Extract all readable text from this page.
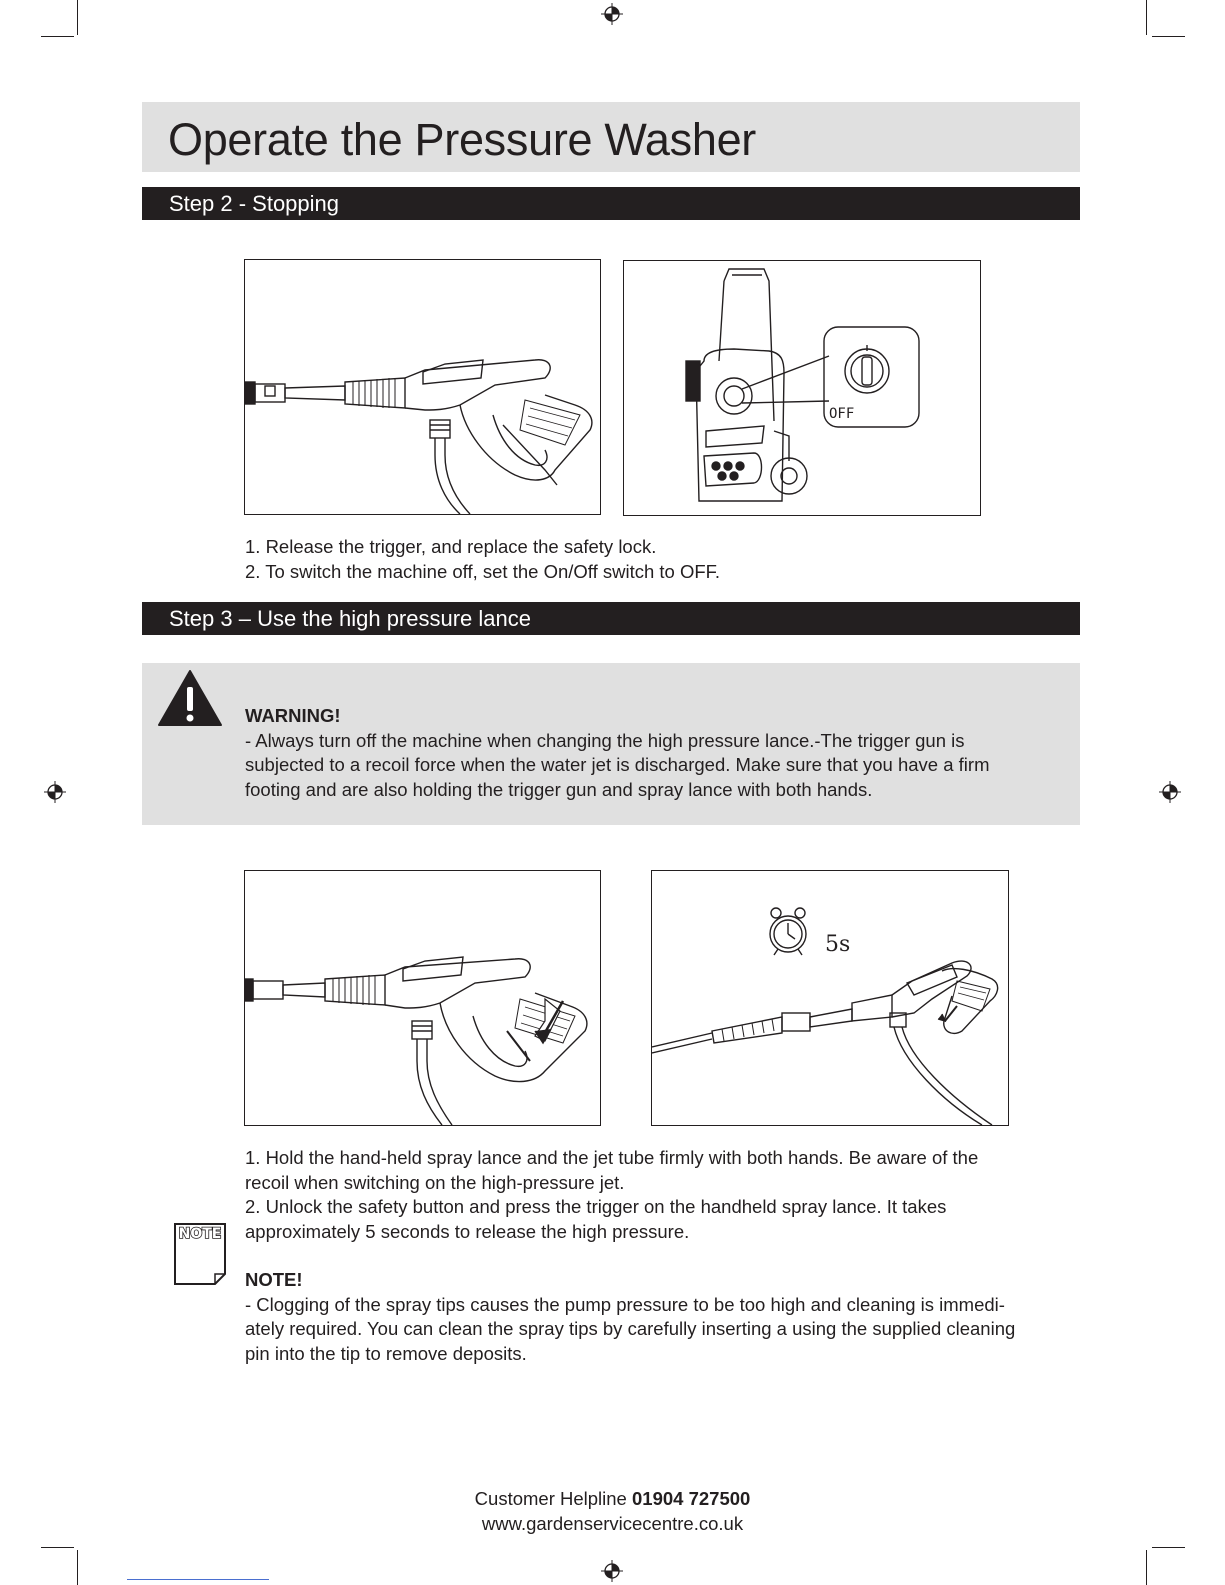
Operate the Pressure Washer
Step 2 - Stopping
OFF

1. Release the trigger, and replace the safety lock.

2. To switch the machine off, set the On/Off switch to OFF.

Step 3 – Use the high pressure lance

WARNING!

- Always turn off the machine when changing the high pressure lance.-The trigger gun is

subjected to a recoil force when the water jet is discharged. Make sure that you have a firm

footing and are also holding the trigger gun and spray lance with both hands.

5s

1. Hold the hand-held spray lance and the jet tube firmly with both hands. Be aware of the

recoil when switching on the high-pressure jet.

2. Unlock the safety button and press the trigger on the handheld spray lance. It takes

approximately 5 seconds to release the high pressure.

NOTE

NOTE!

- Clogging of the spray tips causes the pump pressure to be too high and cleaning is immedi-

ately required. You can clean the spray tips by carefully inserting a using the supplied cleaning

pin into the tip to remove deposits.

Customer Helpline 01904 727500
www.gardenservicecentre.co.uk
